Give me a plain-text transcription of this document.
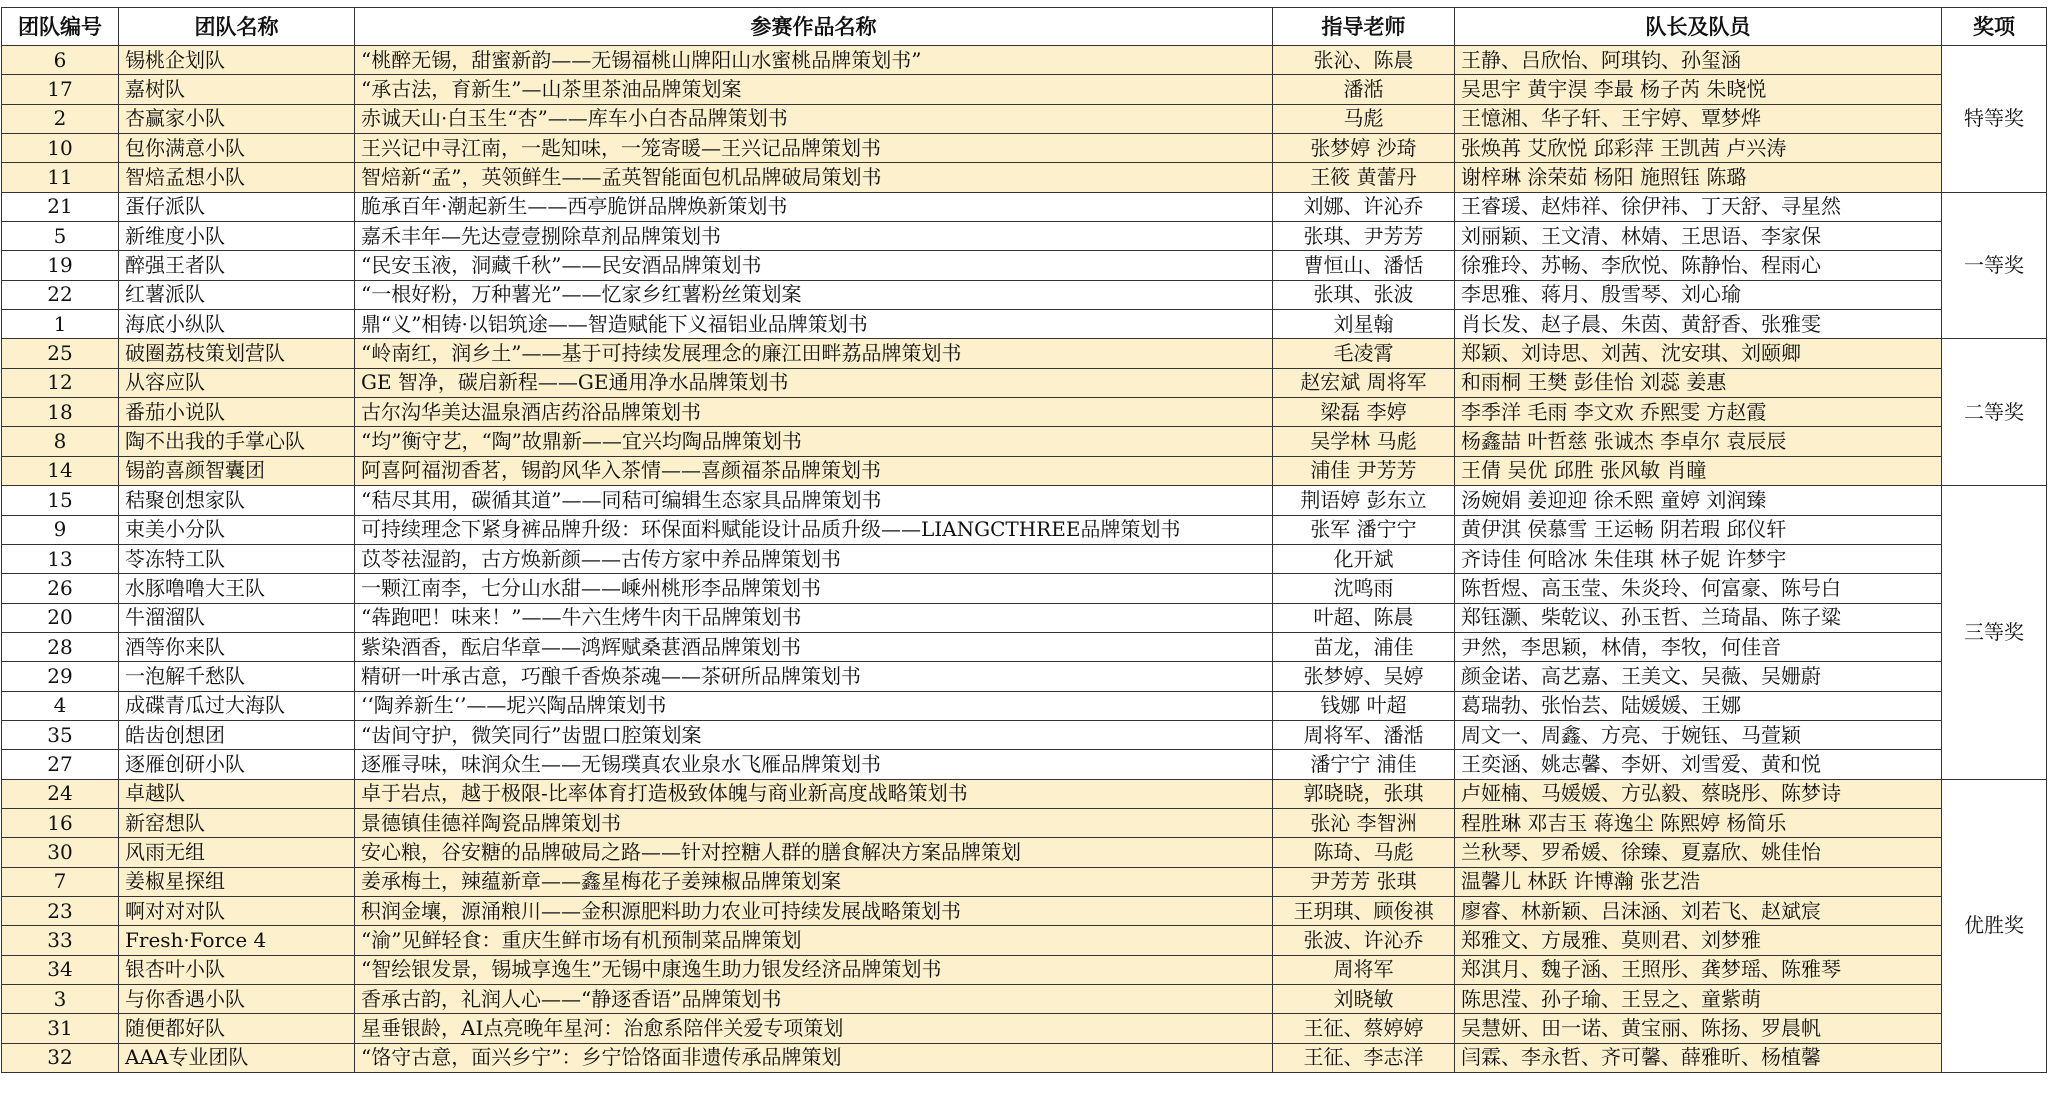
团队编号	团队名称	参赛作品名称	指导老师	队长及队员	奖项
6	锡桃企划队	“桃醉无锡，甜蜜新韵——无锡福桃山牌阳山水蜜桃品牌策划书”	张沁、陈晨	王静、吕欣怡、阿琪钧、孙玺涵	特等奖
17	嘉树队	“承古法，育新生”—山茶里茶油品牌策划案	潘湉	吴思宇 黄宇淏 李最 杨子芮 朱晓悦	
2	杏赢家小队	赤诚天山·白玉生“杏”——库车小白杏品牌策划书	马彪	王憶湘、华子轩、王宇婷、覃梦烨	
10	包你满意小队	王兴记中寻江南，一匙知味，一笼寄暖—王兴记品牌策划书	张梦婷 沙琦	张焕苒 艾欣悦 邱彩萍 王凯茜 卢兴涛	
11	智焙孟想小队	智焙新“孟”，英领鲜生——孟英智能面包机品牌破局策划书	王筱 黄蕾丹	谢梓琳 涂荣茹 杨阳 施照钰 陈璐	
21	蛋仔派队	脆承百年·潮起新生——西亭脆饼品牌焕新策划书	刘娜、许沁乔	王睿瑗、赵炜祥、徐伊祎、丁天舒、寻星然	一等奖
5	新维度小队	嘉禾丰年—先达壹壹捌除草剂品牌策划书	张琪、尹芳芳	刘丽颖、王文清、林婧、王思语、李家保	
19	醉强王者队	“民安玉液，洞藏千秋”——民安酒品牌策划书	曹恒山、潘恬	徐雅玲、苏畅、李欣悦、陈静怡、程雨心	
22	红薯派队	“一根好粉，万种薯光”——忆家乡红薯粉丝策划案	张琪、张波	李思雅、蒋月、殷雪琴、刘心瑜	
1	海底小纵队	鼎“义”相铸·以铝筑途——智造赋能下义福铝业品牌策划书	刘星翰	肖长发、赵子晨、朱茵、黄舒香、张雅雯	
25	破圈荔枝策划营队	“岭南红，润乡土”——基于可持续发展理念的廉江田畔荔品牌策划书	毛凌霄	郑颖、刘诗思、刘茜、沈安琪、刘颐卿	二等奖
12	从容应队	GE 智净，碳启新程——GE通用净水品牌策划书	赵宏斌 周将军	和雨桐 王樊 彭佳怡 刘蕊 姜惠	
18	番茄小说队	古尔沟华美达温泉酒店药浴品牌策划书	梁磊 李婷	李季洋 毛雨 李文欢 乔熙雯 方赵霞	
8	陶不出我的手掌心队	“均”衡守艺，“陶”故鼎新——宜兴均陶品牌策划书	吴学林 马彪	杨鑫喆 叶哲慈 张诚杰 李卓尔 袁辰辰	
14	锡韵喜颜智囊团	阿喜阿福沏香茗，锡韵风华入茶情——喜颜福茶品牌策划书	浦佳 尹芳芳	王倩 吴优 邱胜 张风敏 肖瞳	
15	秸聚创想家队	“秸尽其用，碳循其道”——同秸可编辑生态家具品牌策划书	荆语婷 彭东立	汤婉娟 姜迎迎 徐禾熙 童婷 刘润臻	三等奖
9	束美小分队	可持续理念下紧身裤品牌升级：环保面料赋能设计品质升级——LIANGCTHREE品牌策划书	张军 潘宁宁	黄伊淇 侯慕雪 王运畅 阴若瑕 邱仪轩	
13	苓冻特工队	苡苓祛湿韵，古方焕新颜——古传方家中养品牌策划书	化开斌	齐诗佳 何晗冰 朱佳琪 林子妮 许梦宇	
26	水豚噜噜大王队	一颗江南李，七分山水甜——嵊州桃形李品牌策划书	沈鸣雨	陈哲煜、高玉莹、朱炎玲、何富豪、陈号白	
20	牛溜溜队	“犇跑吧！味来！”——牛六生烤牛肉干品牌策划书	叶超、陈晨	郑钰灏、柴乾议、孙玉哲、兰琦晶、陈子粱	
28	酒等你来队	紫染酒香，酝启华章——鸿辉赋桑葚酒品牌策划书	苗龙，浦佳	尹然，李思颖，林倩，李牧，何佳音	
29	一泡解千愁队	精研一叶承古意，巧酿千香焕茶魂——茶研所品牌策划书	张梦婷、吴婷	颜金诺、高艺嘉、王美文、吴薇、吴姗蔚	
4	成碟青瓜过大海队	‘‘陶养新生‘’——坭兴陶品牌策划书	钱娜 叶超	葛瑞勃、张怡芸、陆媛媛、王娜	
35	皓齿创想团	“齿间守护，微笑同行”齿盟口腔策划案	周将军、潘湉	周文一、周鑫、方亮、于婉钰、马萱颖	
27	逐雁创研小队	逐雁寻味，味润众生——无锡璞真农业泉水飞雁品牌策划书	潘宁宁 浦佳	王奕涵、姚志馨、李妍、刘雪爱、黄和悦	
24	卓越队	卓于岩点，越于极限-比率体育打造极致体魄与商业新高度战略策划书	郭晓晓，张琪	卢娅楠、马媛媛、方弘毅、蔡晓彤、陈梦诗	优胜奖
16	新窑想队	景德镇佳德祥陶瓷品牌策划书	张沁 李智洲	程胜琳 邓吉玉 蒋逸尘 陈熙婷 杨简乐	
30	风雨无组	安心粮，谷安糖的品牌破局之路——针对控糖人群的膳食解决方案品牌策划	陈琦、马彪	兰秋琴、罗希媛、徐臻、夏嘉欣、姚佳怡	
7	姜椒星探组	姜承梅土，辣蕴新章——鑫星梅花子姜辣椒品牌策划案	尹芳芳 张琪	温馨儿 林跃 许博瀚 张艺浩	
23	啊对对对队	积润金壤，源涌粮川——金积源肥料助力农业可持续发展战略策划书	王玥琪、顾俊祺	廖睿、林新颖、吕沫涵、刘若飞、赵斌宸	
33	Fresh·Force 4	“渝”见鲜轻食：重庆生鲜市场有机预制菜品牌策划	张波、许沁乔	郑雅文、方晟雅、莫则君、刘梦雅	
34	银杏叶小队	“智绘银发景，锡城享逸生”无锡中康逸生助力银发经济品牌策划书	周将军	郑淇月、魏子涵、王照彤、龚梦瑶、陈雅琴	
3	与你香遇小队	香承古韵，礼润人心——“静逐香语”品牌策划书	刘晓敏	陈思滢、孙子瑜、王昱之、童紫萌	
31	随便都好队	星垂银龄，AI点亮晚年星河：治愈系陪伴关爱专项策划	王征、蔡婷婷	吴慧妍、田一诺、黄宝丽、陈扬、罗晨帆	
32	AAA专业团队	“饹守古意，面兴乡宁”：乡宁饸饹面非遗传承品牌策划	王征、李志洋	闫霖、李永哲、齐可馨、薛雅昕、杨植馨	
